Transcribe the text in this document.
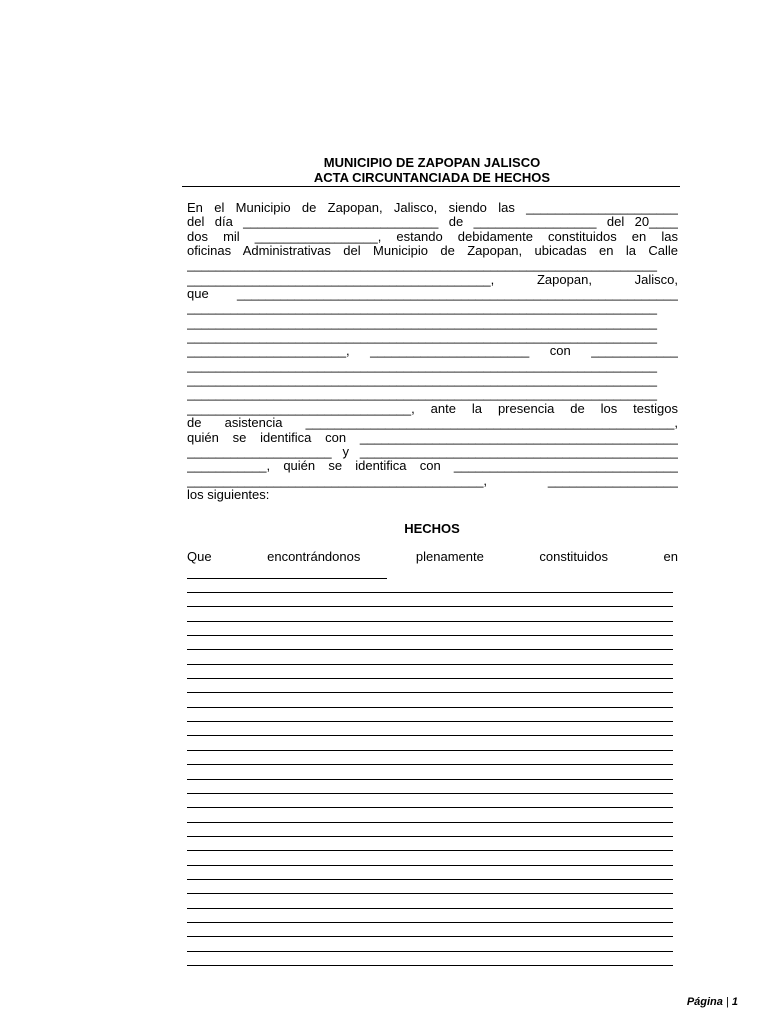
MUNICIPIO DE ZAPOPAN JALISCO
ACTA CIRCUNTANCIADA DE HECHOS
En el Municipio de Zapopan, Jalisco, siendo las _____________________
del día ___________________________ de _________________ del 20____
dos mil _________________, estando debidamente constituidos en las
oficinas Administrativas del Municipio de Zapopan, ubicadas en la Calle
_________________________________________________________________
__________________________________________, Zapopan, Jalisco,
que _____________________________________________________________
_________________________________________________________________
_________________________________________________________________
_________________________________________________________________
______________________, ______________________ con ____________
_________________________________________________________________
_________________________________________________________________
_________________________________________________________________
_______________________________, ante la presencia de los testigos
de asistencia ___________________________________________________,
quién se identifica con ____________________________________________
____________________ y ____________________________________________
___________, quién se identifica con _______________________________
_________________________________________, __________________
los siguientes:
HECHOS
Que encontrándonos plenamente constituidos en
Página | 1
